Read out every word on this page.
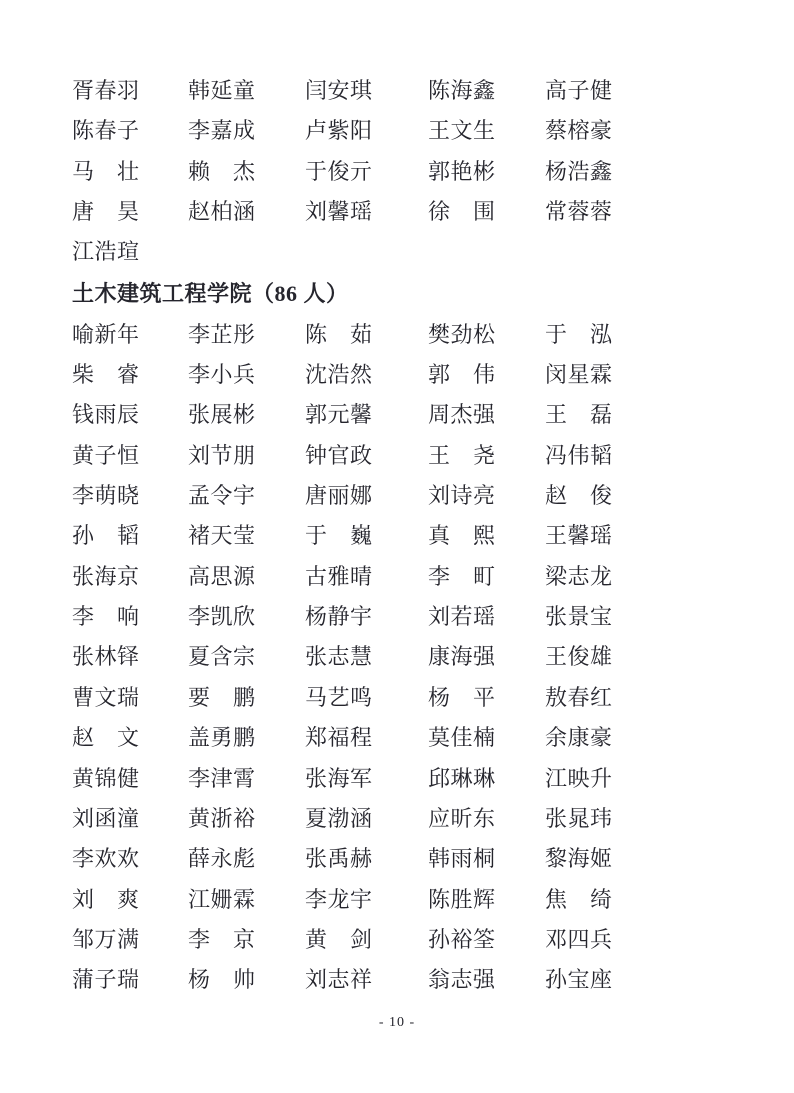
胥春羽	韩延童	闫安琪	陈海鑫	高子健
陈春子	李嘉成	卢紫阳	王文生	蔡榕豪
马　壮	赖　杰	于俊亓	郭艳彬	杨浩鑫
唐　昊	赵柏涵	刘馨瑶	徐　围	常蓉蓉
江浩瑄
土木建筑工程学院（86 人）
喻新年	李芷彤	陈　茹	樊劲松	于　泓
柴　睿	李小兵	沈浩然	郭　伟	闵星霖
钱雨辰	张展彬	郭元馨	周杰强	王　磊
黄子恒	刘节朋	钟官政	王　尧	冯伟韬
李萌晓	孟令宇	唐丽娜	刘诗亮	赵　俊
孙　韬	褚天莹	于　巍	真　熙	王馨瑶
张海京	高思源	古雅晴	李　町	梁志龙
李　响	李凯欣	杨静宇	刘若瑶	张景宝
张林铎	夏含宗	张志慧	康海强	王俊雄
曹文瑞	要　鹏	马艺鸣	杨　平	敖春红
赵　文	盖勇鹏	郑福程	莫佳楠	余康豪
黄锦健	李津霄	张海军	邱琳琳	江映升
刘函潼	黄浙裕	夏渤涵	应昕东	张晁玮
李欢欢	薛永彪	张禹赫	韩雨桐	黎海姬
刘　爽	江姗霖	李龙宇	陈胜辉	焦　绮
邹万满	李　京	黄　剑	孙裕筌	邓四兵
蒲子瑞	杨　帅	刘志祥	翁志强	孙宝座
- 10 -
